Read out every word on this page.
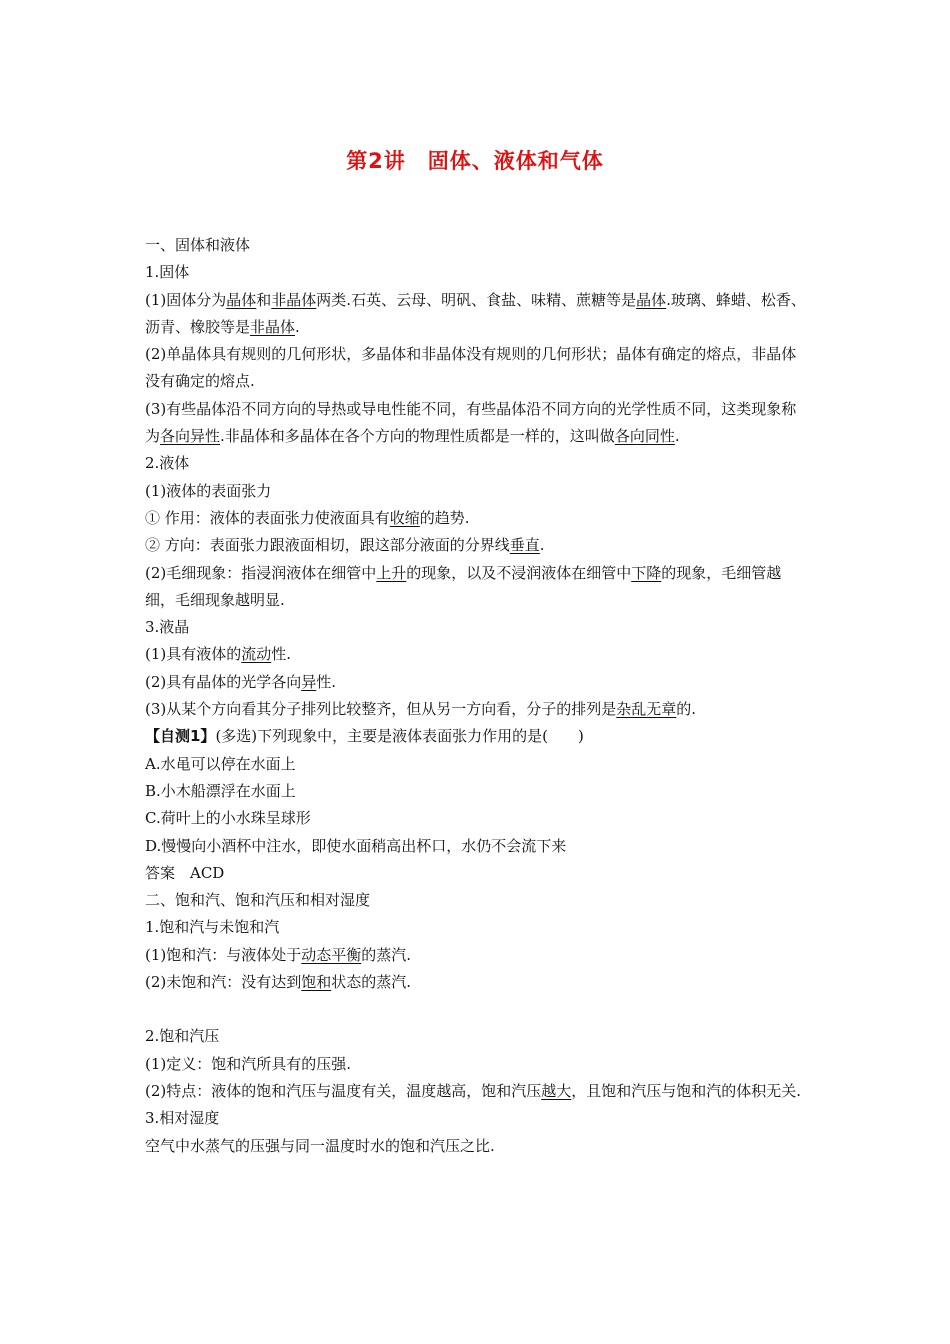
第2讲　固体、液体和气体

一、固体和液体

1.固体

(1)固体分为晶体和非晶体两类.石英、云母、明矾、食盐、味精、蔗糖等是晶体.玻璃、蜂蜡、松香、沥青、橡胶等是非晶体.

(2)单晶体具有规则的几何形状，多晶体和非晶体没有规则的几何形状；晶体有确定的熔点，非晶体没有确定的熔点.

(3)有些晶体沿不同方向的导热或导电性能不同，有些晶体沿不同方向的光学性质不同，这类现象称为各向异性.非晶体和多晶体在各个方向的物理性质都是一样的，这叫做各向同性.

2.液体

(1)液体的表面张力

① 作用：液体的表面张力使液面具有收缩的趋势.

② 方向：表面张力跟液面相切，跟这部分液面的分界线垂直.

(2)毛细现象：指浸润液体在细管中上升的现象，以及不浸润液体在细管中下降的现象，毛细管越细，毛细现象越明显.

3.液晶

(1)具有液体的流动性.

(2)具有晶体的光学各向异性.

(3)从某个方向看其分子排列比较整齐，但从另一方向看，分子的排列是杂乱无章的.

【自测1】(多选)下列现象中，主要是液体表面张力作用的是(　　)

A.水黾可以停在水面上

B.小木船漂浮在水面上

C.荷叶上的小水珠呈球形

D.慢慢向小酒杯中注水，即使水面稍高出杯口，水仍不会流下来

答案　ACD

二、饱和汽、饱和汽压和相对湿度

1.饱和汽与未饱和汽

(1)饱和汽：与液体处于动态平衡的蒸汽.

(2)未饱和汽：没有达到饱和状态的蒸汽.

2.饱和汽压

(1)定义：饱和汽所具有的压强.

(2)特点：液体的饱和汽压与温度有关，温度越高，饱和汽压越大，且饱和汽压与饱和汽的体积无关.

3.相对湿度

空气中水蒸气的压强与同一温度时水的饱和汽压之比.
